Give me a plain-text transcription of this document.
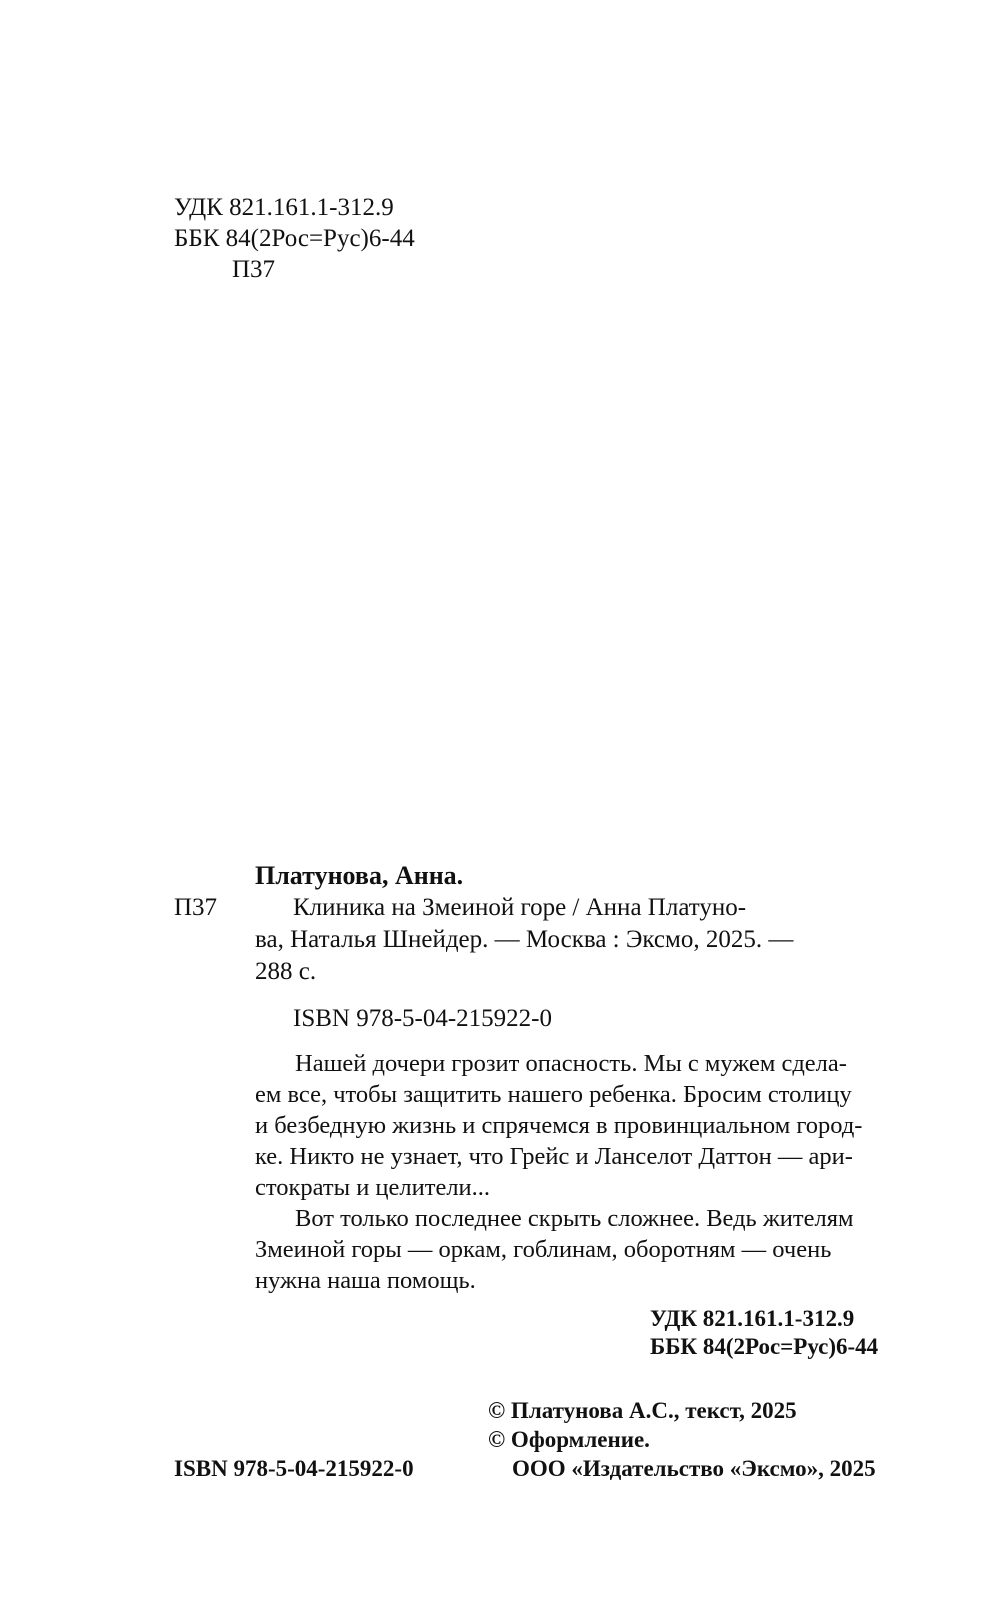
УДК 821.161.1-312.9
ББК 84(2Рос=Рус)6-44
П37
Платунова, Анна.
П37	Клиника на Змеиной горе / Анна Платуно-
ва, Наталья Шнейдер. — Москва : Эксмо, 2025. —
288 с.
ISBN 978-5-04-215922-0
Нашей дочери грозит опасность. Мы с мужем сдела-
ем все, чтобы защитить нашего ребенка. Бросим столицу
и безбедную жизнь и спрячемся в провинциальном город-
ке. Никто не узнает, что Грейс и Ланселот Даттон — ари-
стократы и целители...
Вот только последнее скрыть сложнее. Ведь жителям
Змеиной горы — оркам, гоблинам, оборотням — очень
нужна наша помощь.
УДК 821.161.1-312.9
ББК 84(2Рос=Рус)6-44
© Платунова А.С., текст, 2025
© Оформление.
ISBN 978-5-04-215922-0	ООО «Издательство «Эксмо», 2025
